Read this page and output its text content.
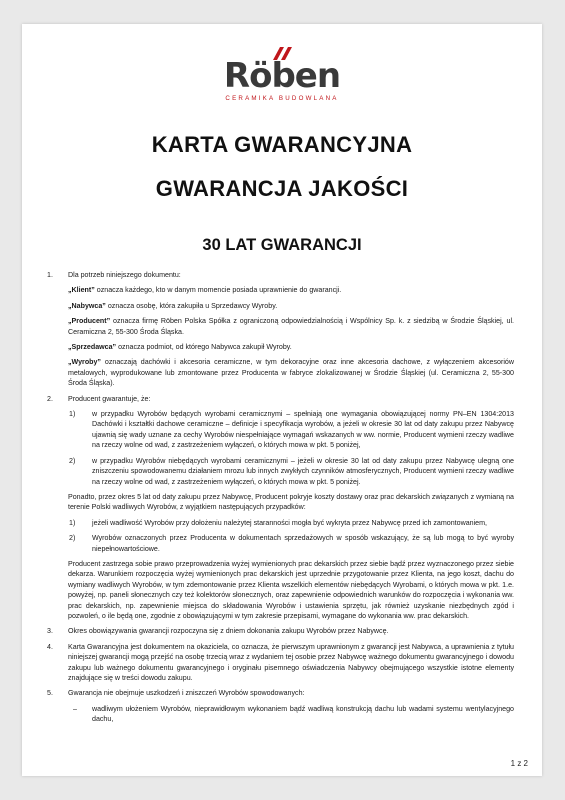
Röben
CERAMIKA BUDOWLANA
KARTA GWARANCYJNA
GWARANCJA JAKOŚCI
30 LAT GWARANCJI
1. Dla potrzeb niniejszego dokumentu:
„Klient” oznacza każdego, kto w danym momencie posiada uprawnienie do gwarancji.
„Nabywca” oznacza osobę, która zakupiła u Sprzedawcy Wyroby.
„Producent” oznacza firmę Röben Polska Spółka z ograniczoną odpowiedzialnością i Wspólnicy Sp. k. z siedzibą w Środzie Śląskiej, ul. Ceramiczna 2, 55-300 Środa Śląska.
„Sprzedawca” oznacza podmiot, od którego Nabywca zakupił Wyroby.
„Wyroby” oznaczają dachówki i akcesoria ceramiczne, w tym dekoracyjne oraz inne akcesoria dachowe, z wyłączeniem akcesoriów metalowych, wyprodukowane lub zmontowane przez Producenta w fabryce zlokalizowanej w Środzie Śląskiej (ul. Ceramiczna 2, 55-300 Środa Śląska).
2. Producent gwarantuje, że:
1) w przypadku Wyrobów będących wyrobami ceramicznymi – spełniają one wymagania obowiązującej normy PN–EN 1304:2013 Dachówki i kształtki dachowe ceramiczne – definicje i specyfikacja wyrobów, a jeżeli w okresie 30 lat od daty zakupu przez Nabywcę ujawnią się wady uznane za cechy Wyrobów niespełniające wymagań wskazanych w ww. normie, Producent wymieni rzeczy wadliwe na rzeczy wolne od wad, z zastrzeżeniem wyłączeń, o których mowa w pkt. 5 poniżej,
2) w przypadku Wyrobów niebędących wyrobami ceramicznymi – jeżeli w okresie 30 lat od daty zakupu przez Nabywcę ulegną one zniszczeniu spowodowanemu działaniem mrozu lub innych zwykłych czynników atmosferycznych, Producent wymieni rzeczy wadliwe na rzeczy wolne od wad, z zastrzeżeniem wyłączeń, o których mowa w pkt. 5 poniżej.
Ponadto, przez okres 5 lat od daty zakupu przez Nabywcę, Producent pokryje koszty dostawy oraz prac dekarskich związanych z wymianą na terenie Polski wadliwych Wyrobów, z wyjątkiem następujących przypadków:
1) jeżeli wadliwość Wyrobów przy dołożeniu należytej staranności mogła być wykryta przez Nabywcę przed ich zamontowaniem,
2) Wyrobów oznaczonych przez Producenta w dokumentach sprzedażowych w sposób wskazujący, że są lub mogą to być wyroby niepełnowartościowe.
Producent zastrzega sobie prawo przeprowadzenia wyżej wymienionych prac dekarskich przez siebie bądź przez wyznaczonego przez siebie dekarza. Warunkiem rozpoczęcia wyżej wymienionych prac dekarskich jest uprzednie przygotowanie przez Klienta, na jego koszt, dachu do wymiany wadliwych Wyrobów, w tym zdemontowanie przez Klienta wszelkich elementów niebędących Wyrobami, o których mowa w pkt. 1.e. powyżej, np. paneli słonecznych czy też kolektorów słonecznych, oraz zapewnienie odpowiednich warunków do rozpoczęcia i wykonania ww. prac dekarskich, np. zapewnienie miejsca do składowania Wyrobów i ustawienia sprzętu, jak również uzyskanie niezbędnych zgód i pozwoleń, o ile będą one, zgodnie z obowiązującymi w tym zakresie przepisami, wymagane do wykonania ww. prac dekarskich.
3. Okres obowiązywania gwarancji rozpoczyna się z dniem dokonania zakupu Wyrobów przez Nabywcę.
4. Karta Gwarancyjna jest dokumentem na okaziciela, co oznacza, że pierwszym uprawnionym z gwarancji jest Nabywca, a uprawnienia z tytułu niniejszej gwarancji mogą przejść na osobę trzecią wraz z wydaniem tej osobie przez Nabywcę ważnego dokumentu gwarancyjnego i dowodu zakupu lub ważnego dokumentu gwarancyjnego i oryginału pisemnego oświadczenia Nabywcy obejmującego wszystkie istotne elementy znajdujące się w treści dowodu zakupu.
5. Gwarancja nie obejmuje uszkodzeń i zniszczeń Wyrobów spowodowanych:
– wadliwym ułożeniem Wyrobów, nieprawidłowym wykonaniem bądź wadliwą konstrukcją dachu lub wadami systemu wentylacyjnego dachu,
1 z 2
